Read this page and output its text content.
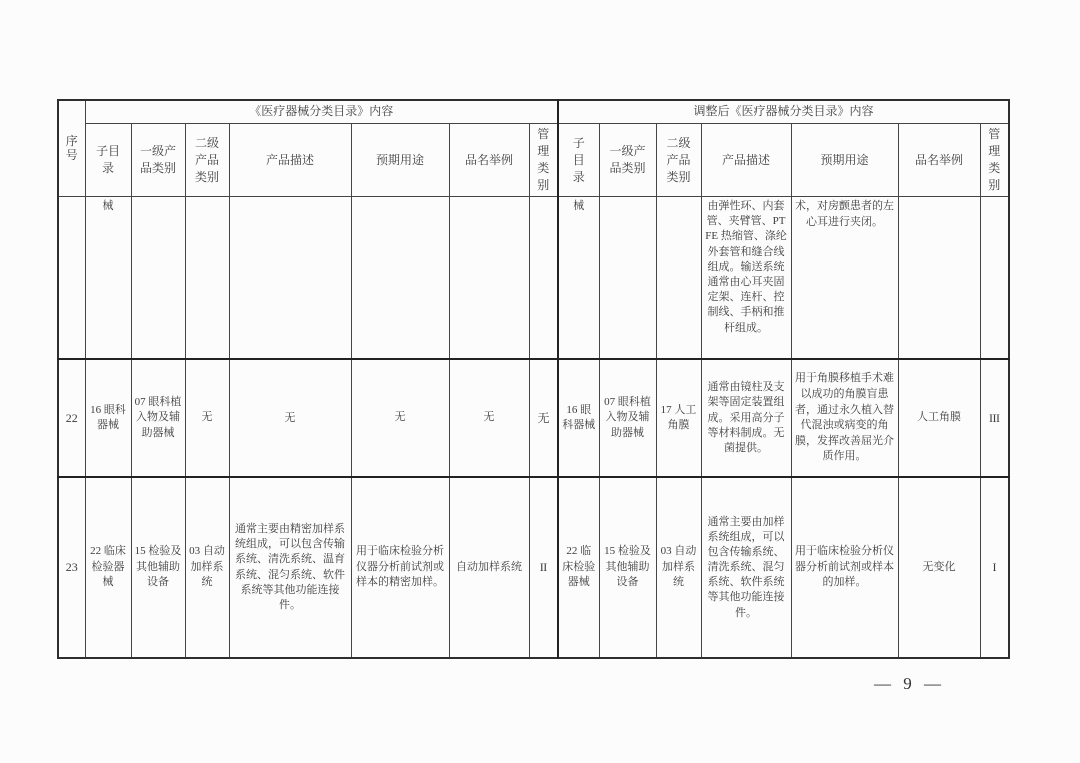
序号	《医疗器械分类目录》内容							调整后《医疗器械分类目录》内容						
	子目录	一级产品类别	二级产品类别	产品描述	预期用途	品名举例	管理类别	子目录	一级产品类别	二级产品类别	产品描述	预期用途	品名举例	管理类别
	械							械			由弹性环、内套管、夹臂管、PTFE 热缩管、涤纶外套管和缝合线组成。输送系统通常由心耳夹固定架、连杆、控制线、手柄和推杆组成。	术，对房颤患者的左心耳进行夹闭。		
22	16 眼科器械	07 眼科植入物及辅助器械	无	无	无	无	无	16 眼科器械	07 眼科植入物及辅助器械	17 人工角膜	通常由镜柱及支架等固定装置组成。采用高分子等材料制成。无菌提供。	用于角膜移植手术难以成功的角膜盲患者，通过永久植入替代混浊或病变的角膜，发挥改善屈光介质作用。	人工角膜	III
23	22 临床检验器械	15 检验及其他辅助设备	03 自动加样系统	通常主要由精密加样系统组成，可以包含传输系统、清洗系统、温育系统、混匀系统、软件系统等其他功能连接件。	用于临床检验分析仪器分析前试剂或样本的精密加样。	自动加样系统	II	22 临床检验器械	15 检验及其他辅助设备	03 自动加样系统	通常主要由加样系统组成，可以包含传输系统、清洗系统、混匀系统、软件系统等其他功能连接件。	用于临床检验分析仪器分析前试剂或样本的加样。	无变化	I
— 9 —
